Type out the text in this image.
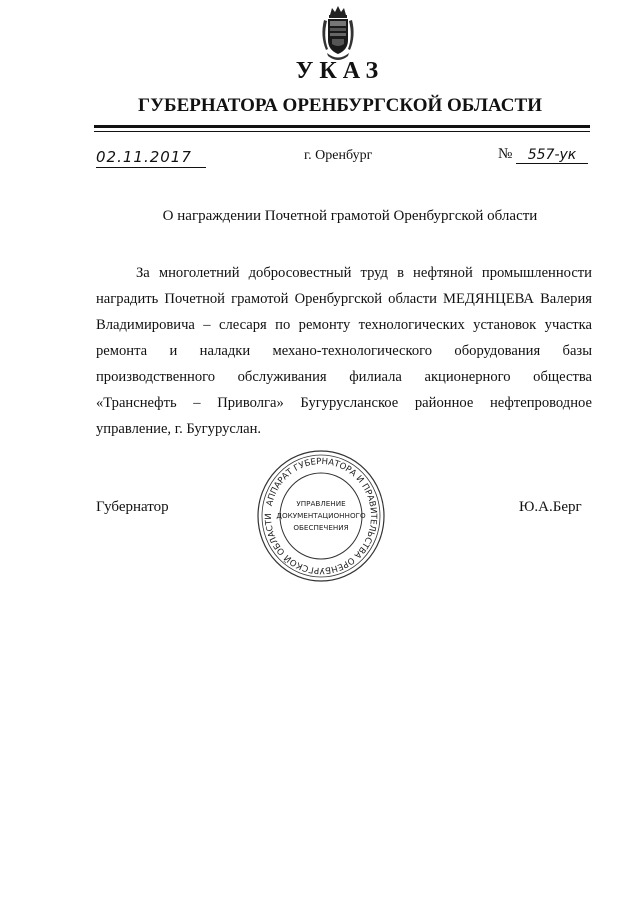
УКАЗ
ГУБЕРНАТОРА ОРЕНБУРГСКОЙ ОБЛАСТИ
02.11.2017	г. Оренбург	№	557-ук
О награждении Почетной грамотой Оренбургской области

За многолетний добросовестный труд в нефтяной промышленности наградить Почетной грамотой Оренбургской области МЕДЯНЦЕВА Валерия Владимировича – слесаря по ремонту технологических установок участка ремонта и наладки механо-технологического оборудования базы производственного обслуживания филиала акционерного общества «Транснефть – Приволга» Бугурусланское районное нефтепроводное управление, г. Бугуруслан.

Губернатор	Ю.А.Берг
АППАРАТ ГУБЕРНАТОРА И ПРАВИТЕЛЬСТВА ОРЕНБУРГСКОЙ ОБЛАСТИ
УПРАВЛЕНИЕ
ДОКУМЕНТАЦИОННОГО
ОБЕСПЕЧЕНИЯ
